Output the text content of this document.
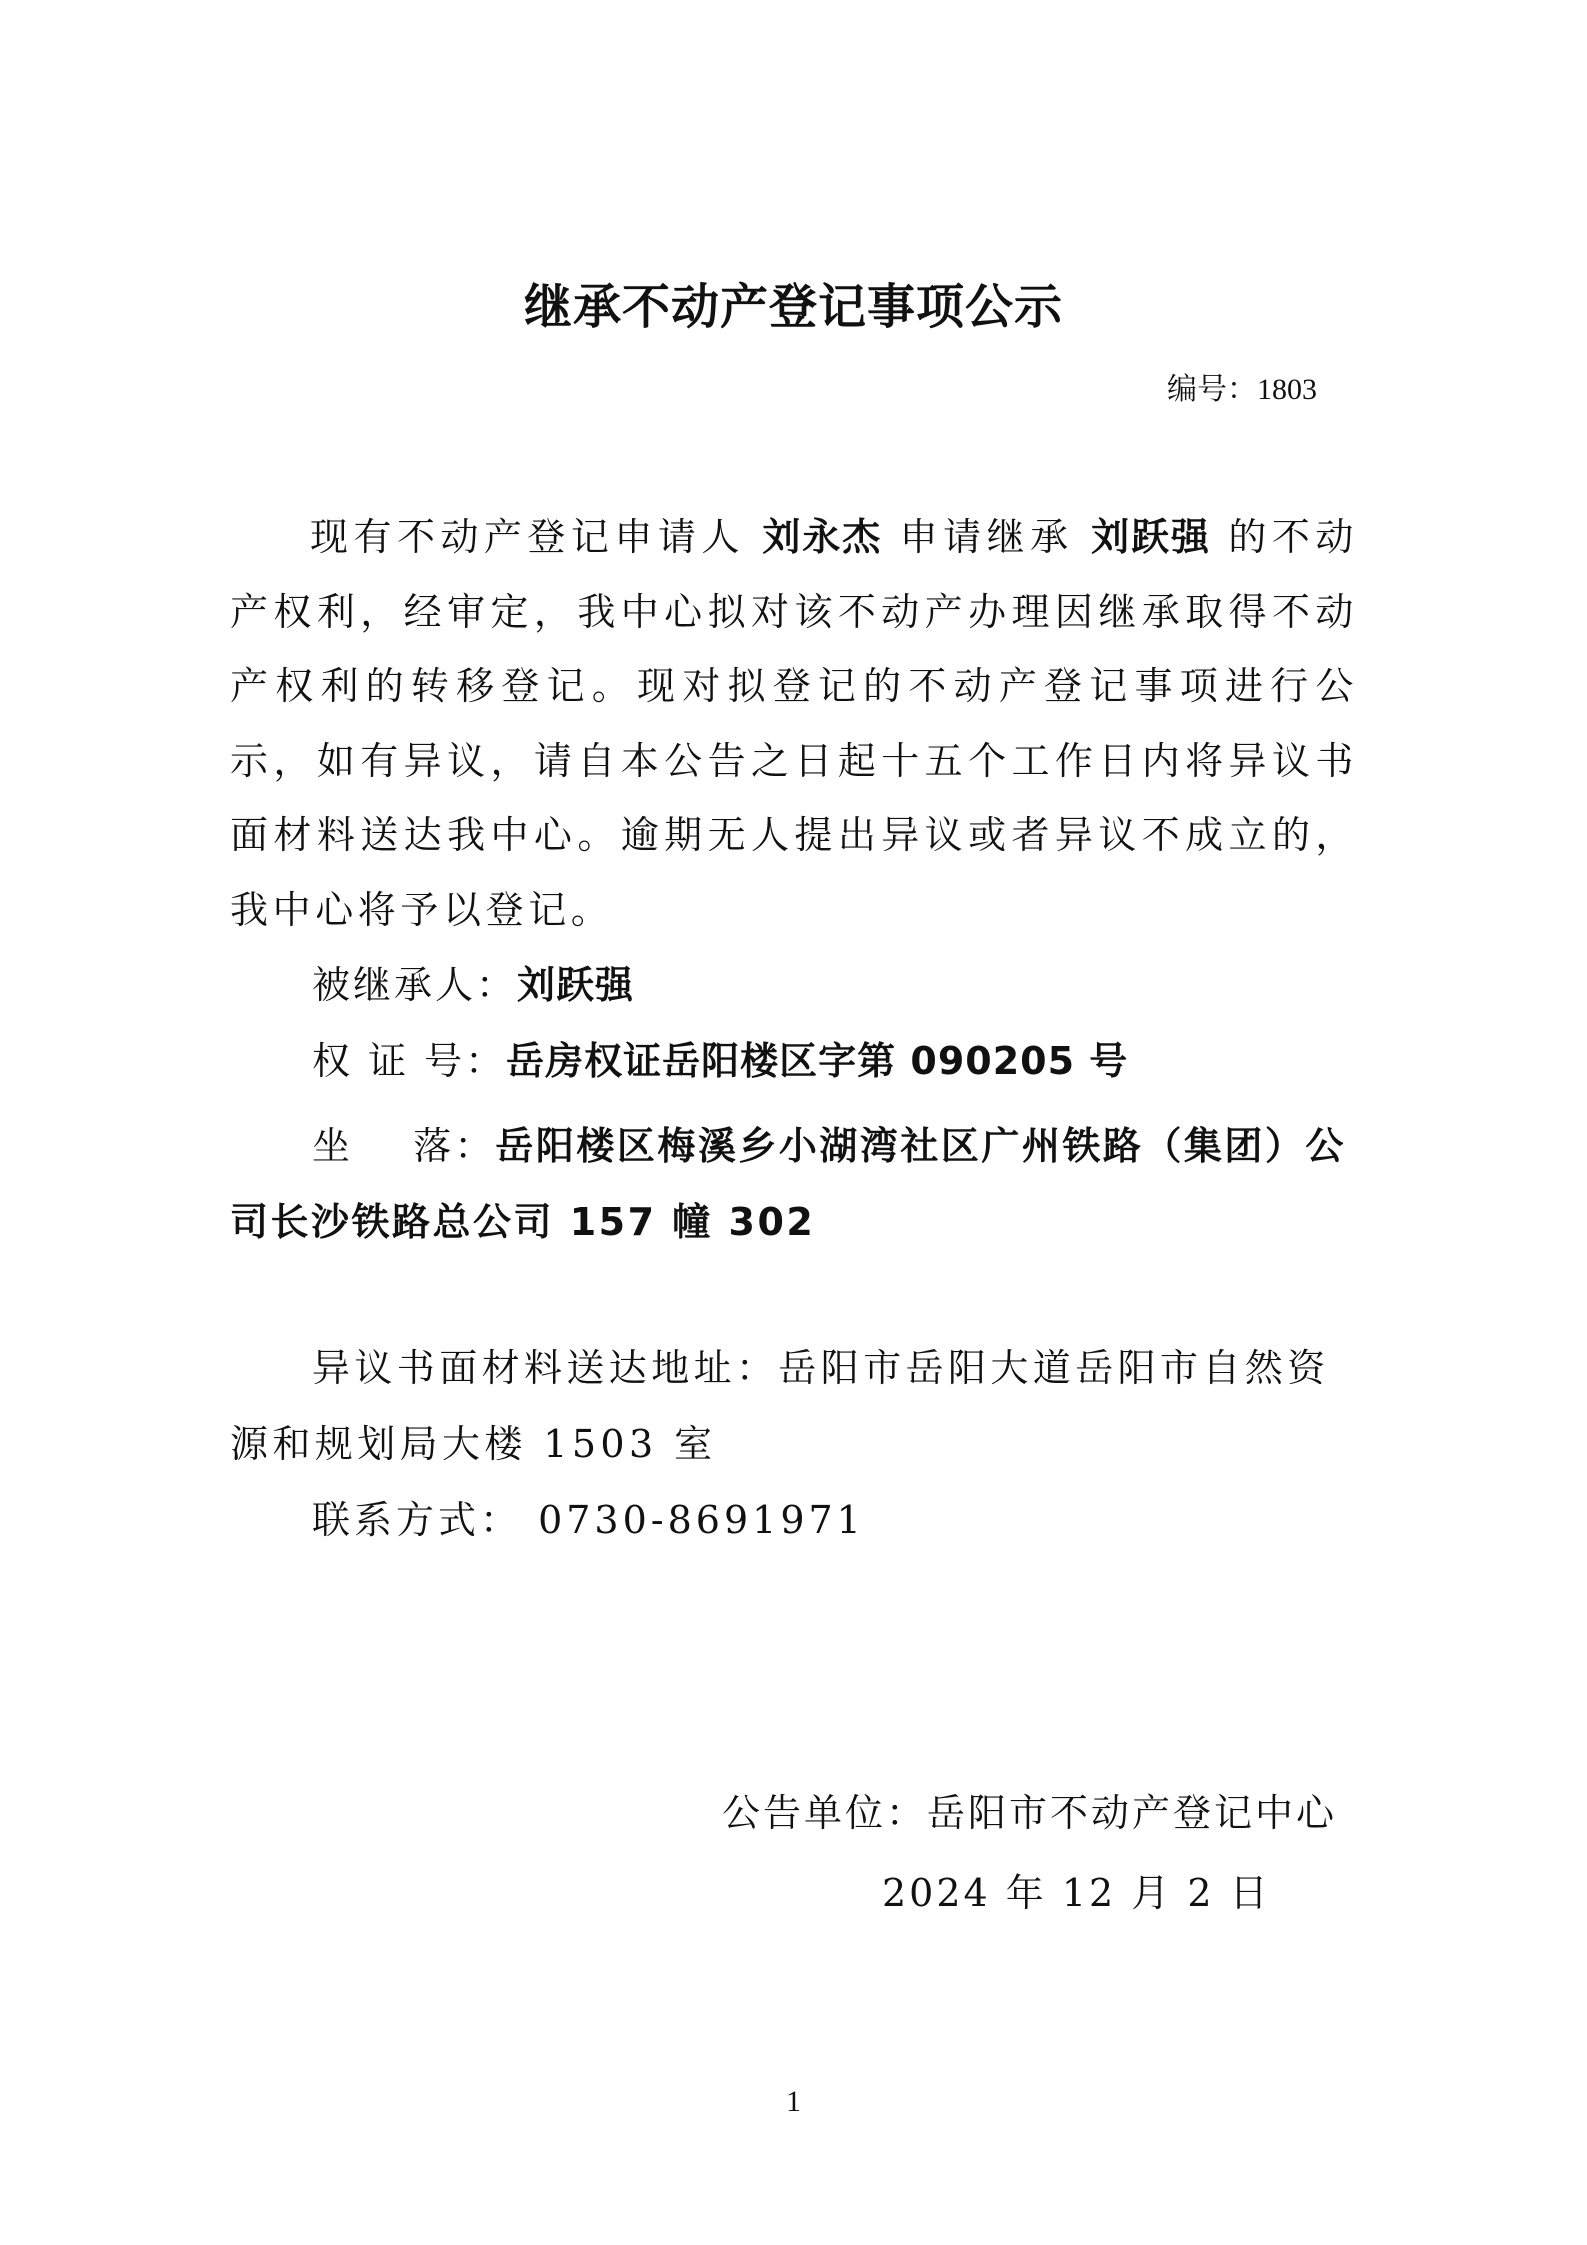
继承不动产登记事项公示
编号：1803

现有不动产登记申请人 刘永杰 申请继承 刘跃强 的不动产权利，经审定，我中心拟对该不动产办理因继承取得不动产权利的转移登记。现对拟登记的不动产登记事项进行公示，如有异议，请自本公告之日起十五个工作日内将异议书面材料送达我中心。逾期无人提出异议或者异议不成立的，我中心将予以登记。

被继承人：刘跃强
权 证 号：岳房权证岳阳楼区字第 090205 号

坐    落：岳阳楼区梅溪乡小湖湾社区广州铁路（集团）公司长沙铁路总公司 157 幢 302

异议书面材料送达地址：岳阳市岳阳大道岳阳市自然资源和规划局大楼 1503 室

联系方式： 0730-8691971
公告单位：岳阳市不动产登记中心
2024 年 12 月 2 日
1
